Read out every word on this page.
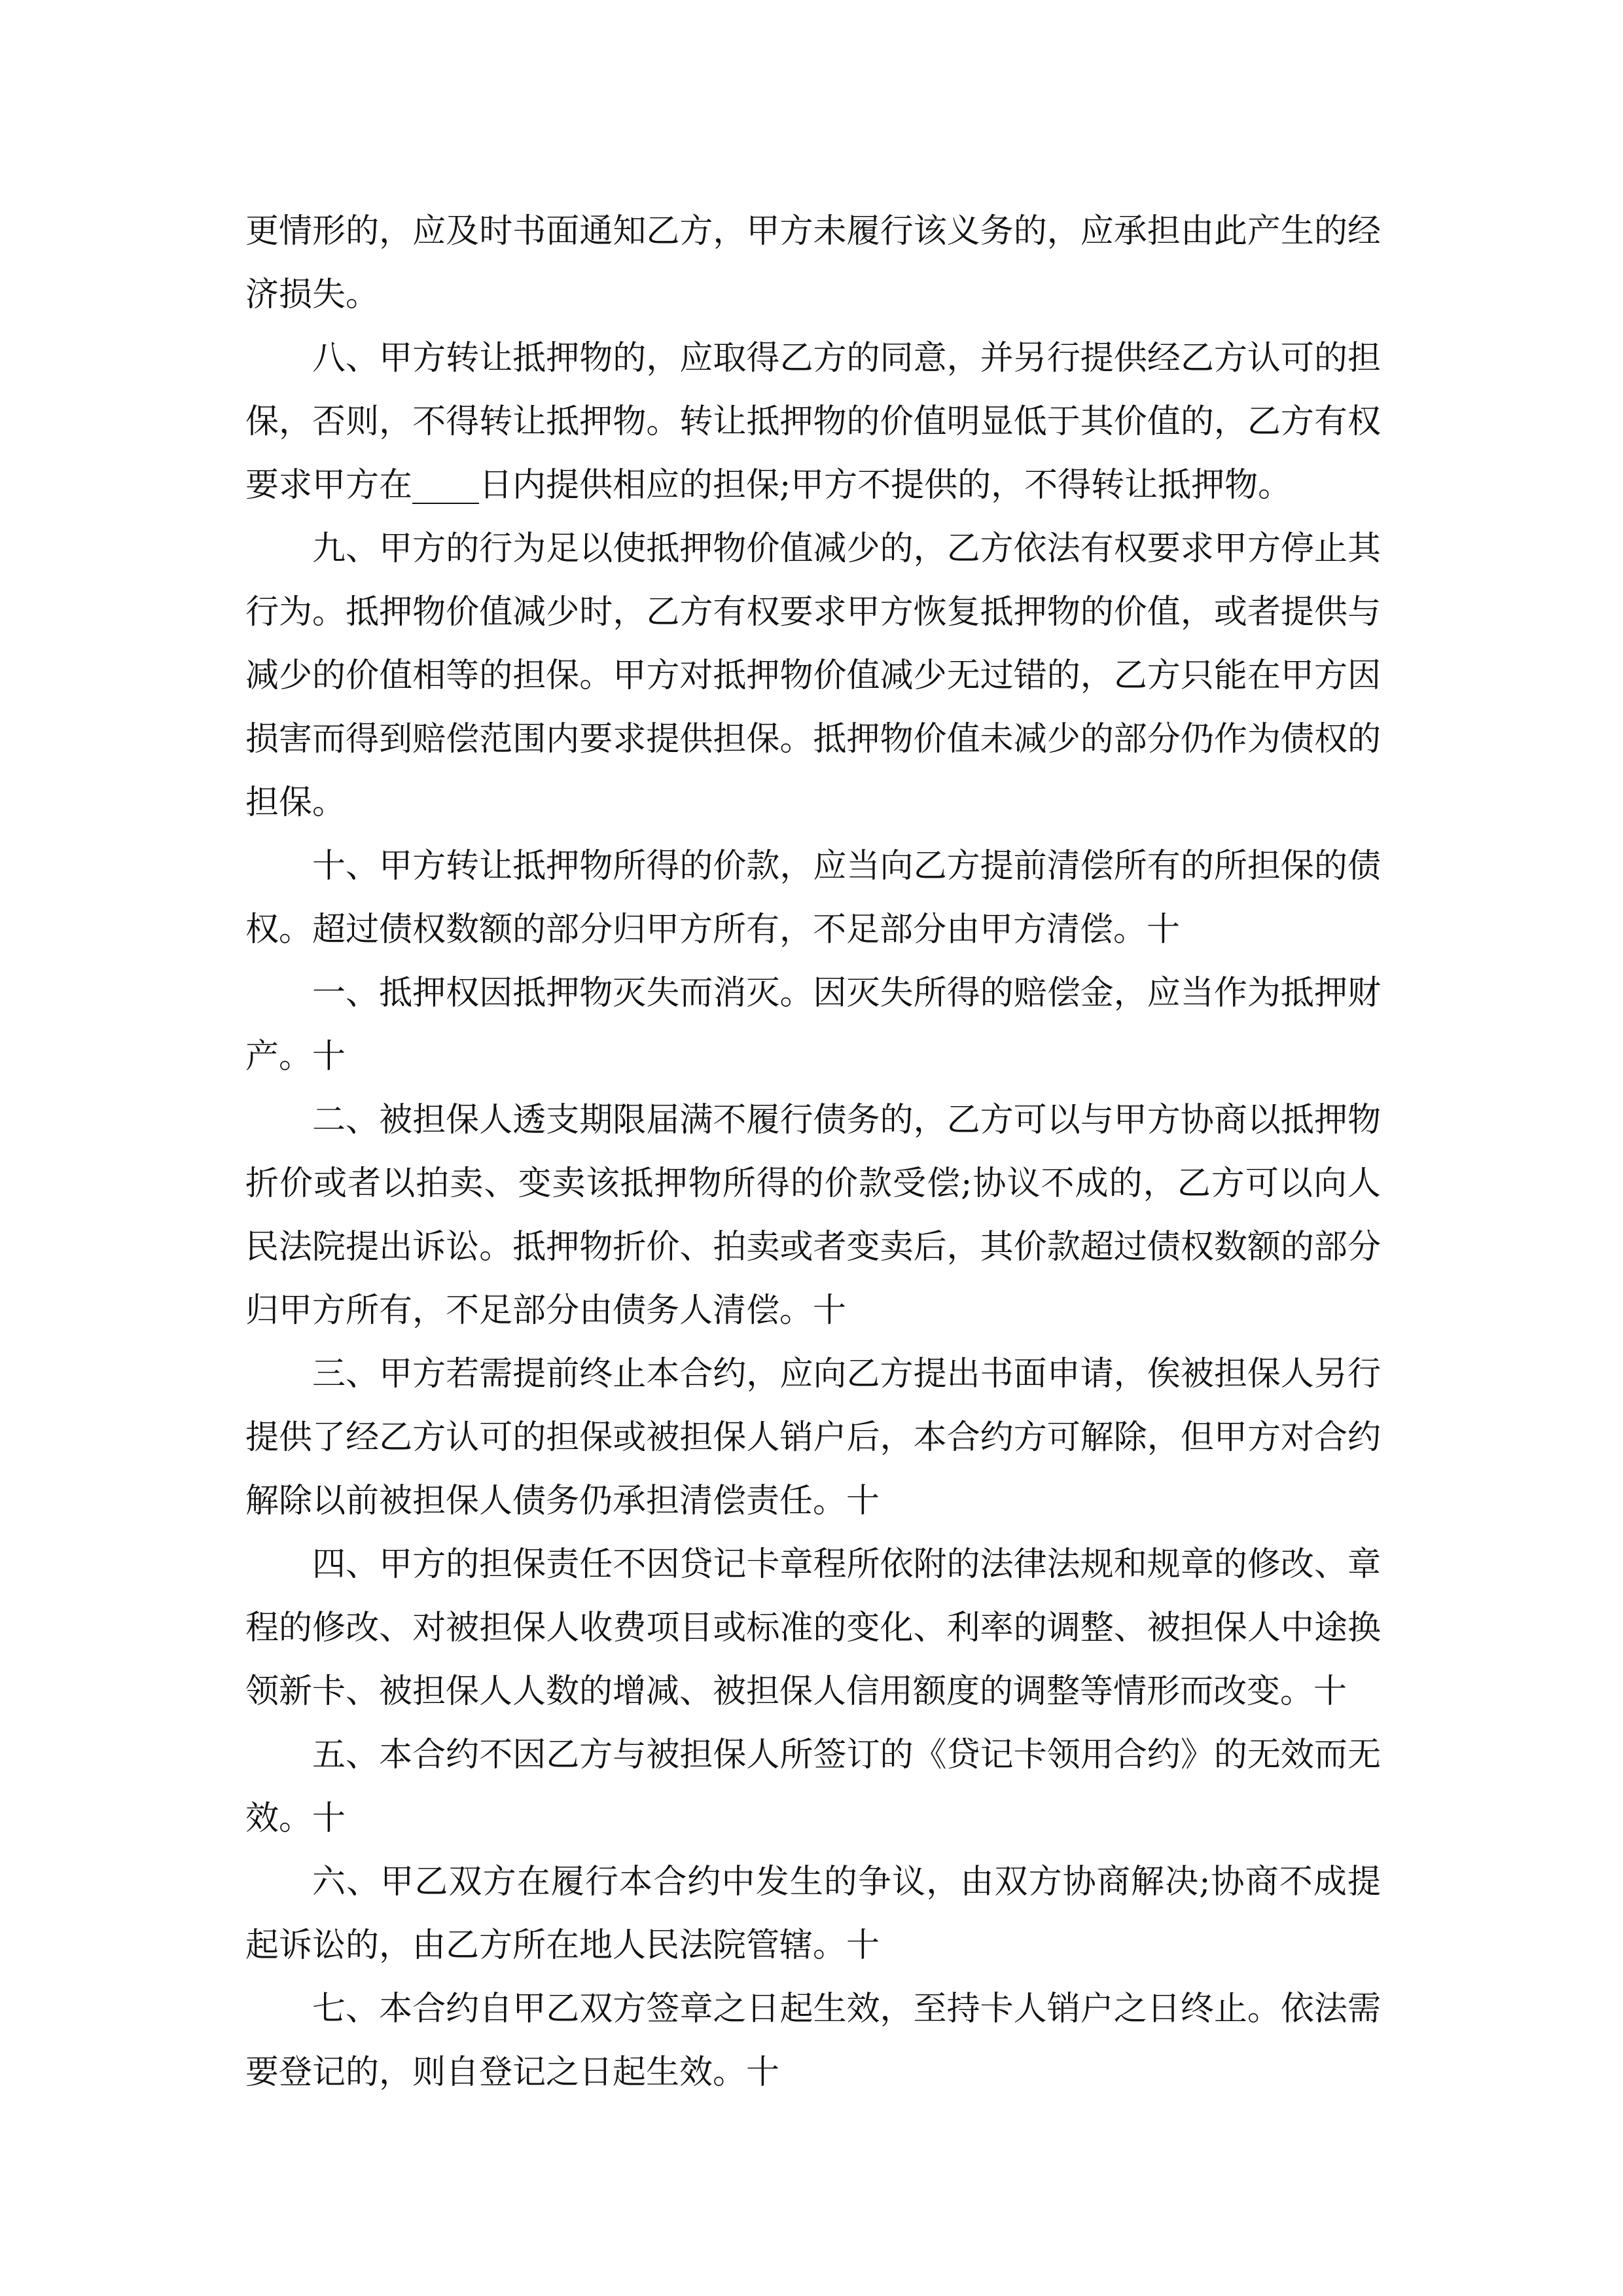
更情形的，应及时书面通知乙方，甲方未履行该义务的，应承担由此产生的经济损失。

八、甲方转让抵押物的，应取得乙方的同意，并另行提供经乙方认可的担保，否则，不得转让抵押物。转让抵押物的价值明显低于其价值的，乙方有权要求甲方在____日内提供相应的担保;甲方不提供的，不得转让抵押物。

九、甲方的行为足以使抵押物价值减少的，乙方依法有权要求甲方停止其行为。抵押物价值减少时，乙方有权要求甲方恢复抵押物的价值，或者提供与减少的价值相等的担保。甲方对抵押物价值减少无过错的，乙方只能在甲方因损害而得到赔偿范围内要求提供担保。抵押物价值未减少的部分仍作为债权的担保。

十、甲方转让抵押物所得的价款，应当向乙方提前清偿所有的所担保的债权。超过债权数额的部分归甲方所有，不足部分由甲方清偿。十

一、抵押权因抵押物灭失而消灭。因灭失所得的赔偿金，应当作为抵押财产。十

二、被担保人透支期限届满不履行债务的，乙方可以与甲方协商以抵押物折价或者以拍卖、变卖该抵押物所得的价款受偿;协议不成的，乙方可以向人民法院提出诉讼。抵押物折价、拍卖或者变卖后，其价款超过债权数额的部分归甲方所有，不足部分由债务人清偿。十

三、甲方若需提前终止本合约，应向乙方提出书面申请，俟被担保人另行提供了经乙方认可的担保或被担保人销户后，本合约方可解除，但甲方对合约解除以前被担保人债务仍承担清偿责任。十

四、甲方的担保责任不因贷记卡章程所依附的法律法规和规章的修改、章程的修改、对被担保人收费项目或标准的变化、利率的调整、被担保人中途换领新卡、被担保人人数的增减、被担保人信用额度的调整等情形而改变。十

五、本合约不因乙方与被担保人所签订的《贷记卡领用合约》的无效而无效。十

六、甲乙双方在履行本合约中发生的争议，由双方协商解决;协商不成提起诉讼的，由乙方所在地人民法院管辖。十

七、本合约自甲乙双方签章之日起生效，至持卡人销户之日终止。依法需要登记的，则自登记之日起生效。十
